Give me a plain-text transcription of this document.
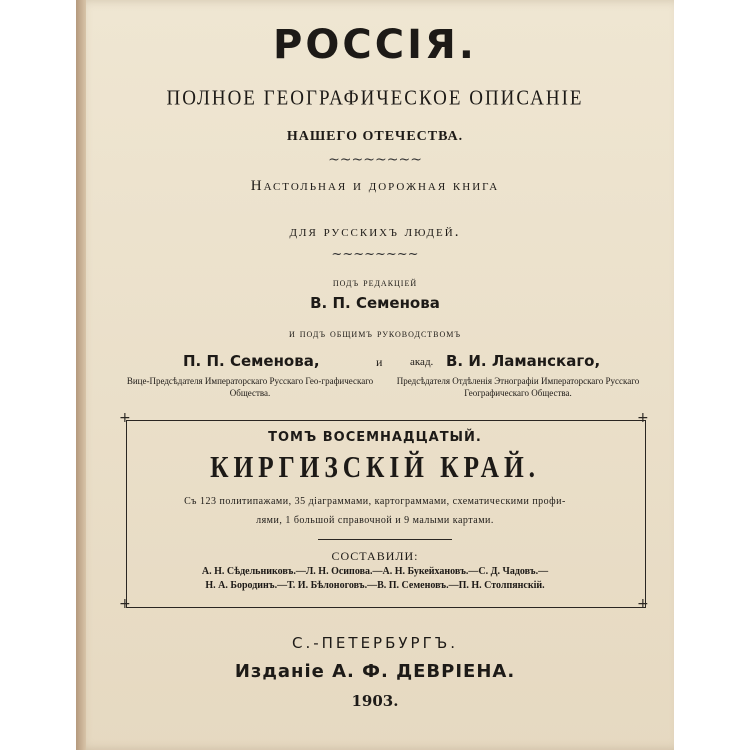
РОССІЯ.
ПОЛНОЕ ГЕОГРАФИЧЕСКОЕ ОПИСАНІЕ
НАШЕГО ОТЕЧЕСТВА.
~~~~~~~~
Настольная и дорожная книга
для русскихъ людей.
~~~~~~~~
подъ редакціей
В. П. Семенова
и подъ общимъ руководствомъ
П. П. Семенова,	и	акад. В. И. Ламанскаго,
Вице-Предсѣдателя Императорскаго Русскаго Гео-графическаго Общества.
Предсѣдателя Отдѣленія Этнографіи Императорскаго Русскаго Географическаго Общества.
+	+
+	+
ТОМЪ ВОСЕМНАДЦАТЫЙ.
КИРГИЗСКІЙ КРАЙ.
Съ 123 политипажами, 35 діаграммами, картограммами, схематическими профи-
лями, 1 большой справочной и 9 малыми картами.
СОСТАВИЛИ:
А. Н. Сѣдельниковъ.—Л. Н. Осипова.—А. Н. Букейхановъ.—С. Д. Чадовъ.—
Н. А. Бородинъ.—Т. И. Бѣлоноговъ.—В. П. Семеновъ.—П. Н. Столпянскій.
С.-ПЕТЕРБУРГЪ.
Изданіе А. Ф. ДЕВРІЕНА.
1903.
